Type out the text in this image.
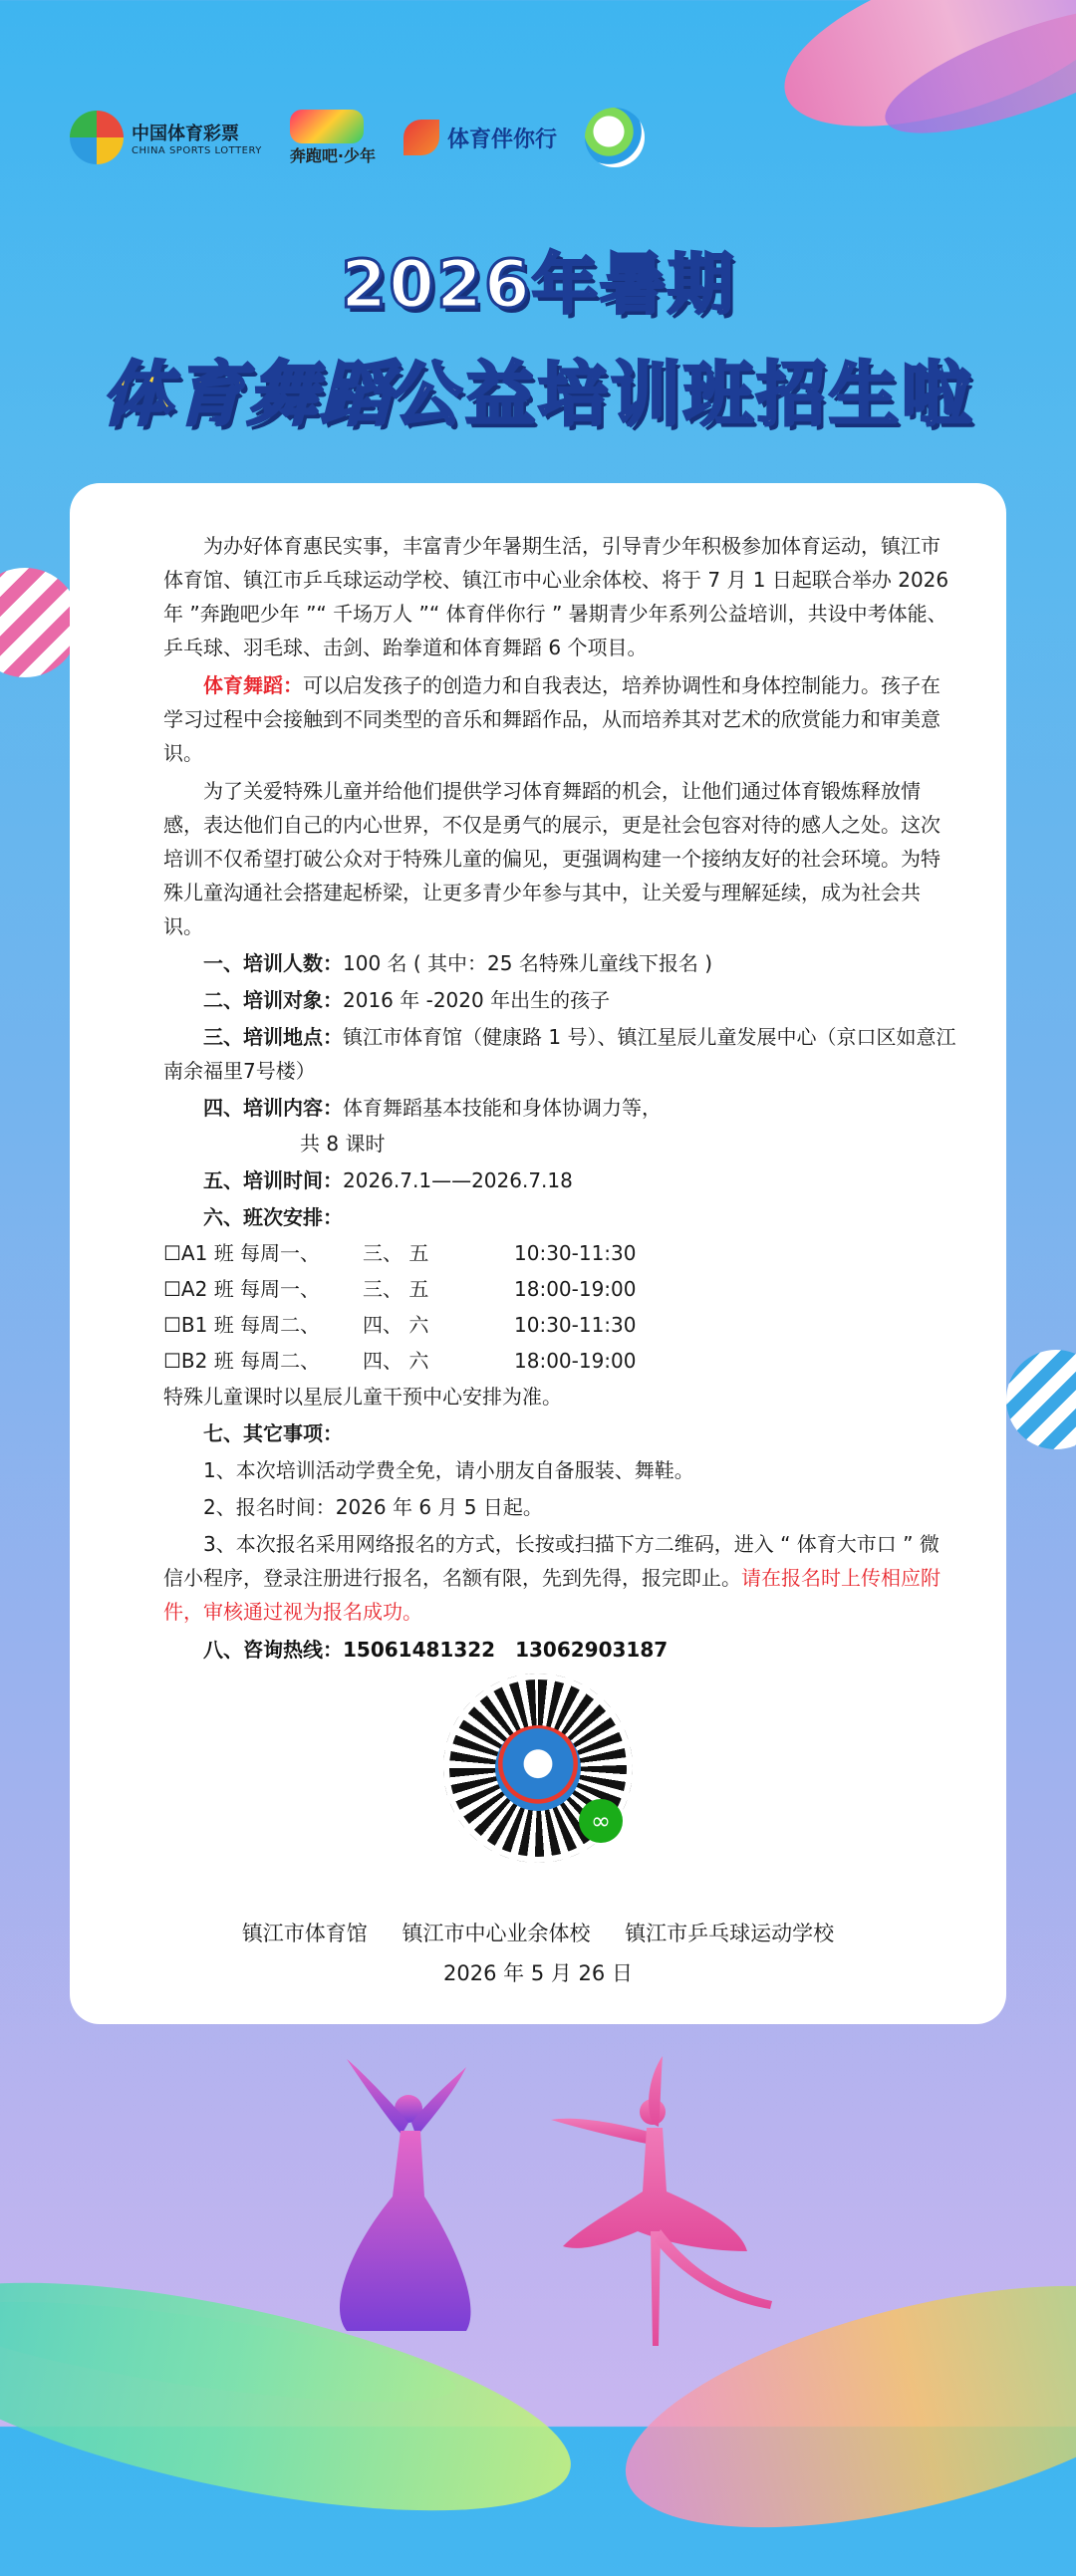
中国体育彩票
CHINA SPORTS LOTTERY 奔跑吧·少年
体育伴你行
2026年暑期
体育舞蹈公益培训班招生啦

为办好体育惠民实事，丰富青少年暑期生活，引导青少年积极参加体育运动，镇江市体育馆、镇江市乒乓球运动学校、镇江市中心业余体校、将于 7 月 1 日起联合举办 2026 年 ”奔跑吧少年 ”“ 千场万人 ”“ 体育伴你行 ” 暑期青少年系列公益培训，共设中考体能、乒乓球、羽毛球、击剑、跆拳道和体育舞蹈 6 个项目。

体育舞蹈：可以启发孩子的创造力和自我表达，培养协调性和身体控制能力。孩子在学习过程中会接触到不同类型的音乐和舞蹈作品，从而培养其对艺术的欣赏能力和审美意识。

为了关爱特殊儿童并给他们提供学习体育舞蹈的机会，让他们通过体育锻炼释放情感，表达他们自己的内心世界，不仅是勇气的展示，更是社会包容对待的感人之处。这次培训不仅希望打破公众对于特殊儿童的偏见，更强调构建一个接纳友好的社会环境。为特殊儿童沟通社会搭建起桥梁，让更多青少年参与其中，让关爱与理解延续，成为社会共识。

一、培训人数：100 名 ( 其中：25 名特殊儿童线下报名 )

二、培训对象：2016 年 -2020 年出生的孩子

三、培训地点：镇江市体育馆（健康路 1 号）、镇江星辰儿童发展中心（京口区如意江南余福里7号楼）

四、培训内容：体育舞蹈基本技能和身体协调力等，

共 8 课时

五、培训时间：2026.7.1——2026.7.18

六、班次安排：

☐A1 班 每周一、	三、 五	10:30-11:30
☐A2 班 每周一、	三、 五	18:00-19:00
☐B1 班 每周二、	四、 六	10:30-11:30
☐B2 班 每周二、	四、 六	18:00-19:00

特殊儿童课时以星辰儿童干预中心安排为准。

七、其它事项：

1、本次培训活动学费全免，请小朋友自备服装、舞鞋。

2、报名时间：2026 年 6 月 5 日起。

3、本次报名采用网络报名的方式，长按或扫描下方二维码，进入 “ 体育大市口 ” 微信小程序，登录注册进行报名，名额有限，先到先得，报完即止。请在报名时上传相应附件，审核通过视为报名成功。

八、咨询热线：15061481322　13062903187

∞
镇江市体育馆 镇江市中心业余体校 镇江市乒乓球运动学校
2026 年 5 月 26 日
